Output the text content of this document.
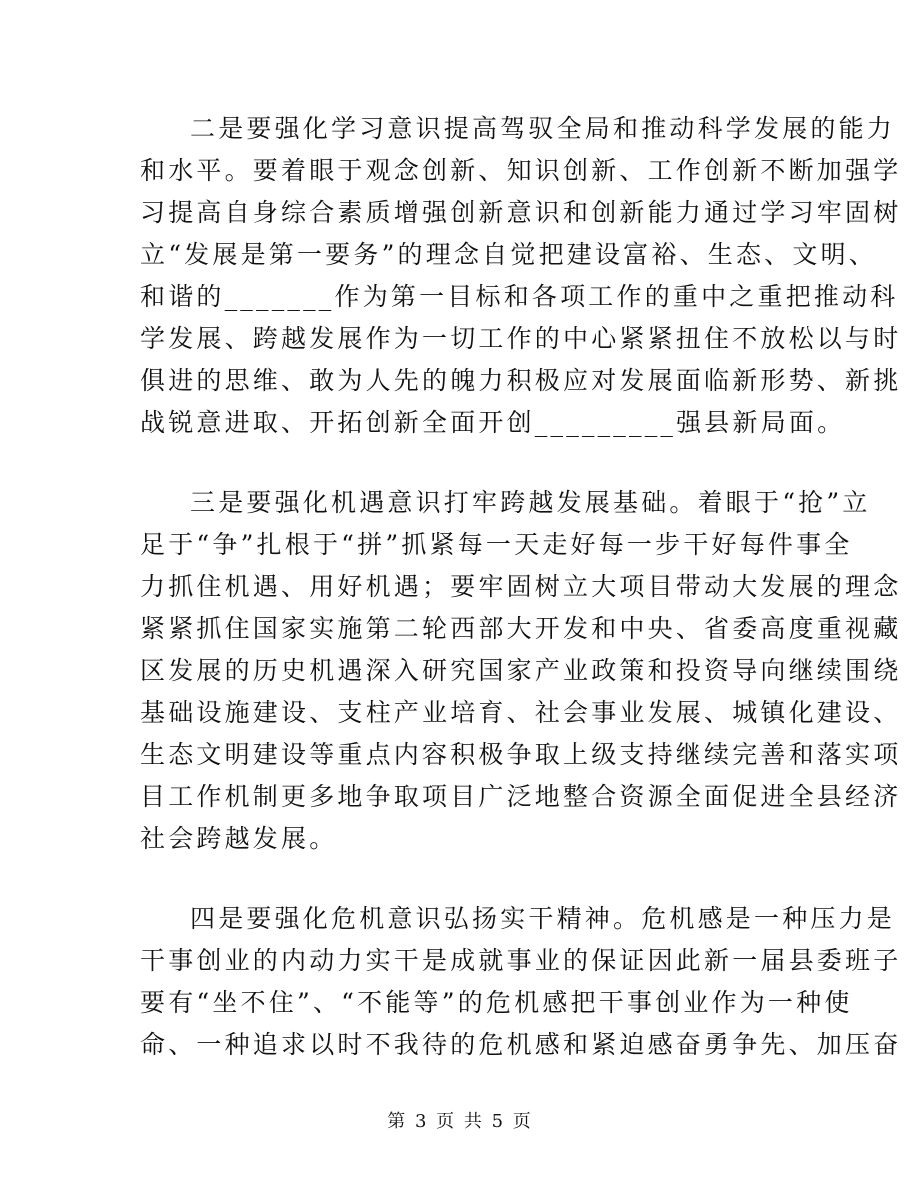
二是要强化学习意识提高驾驭全局和推动科学发展的能力
和水平。要着眼于观念创新、知识创新、工作创新不断加强学
习提高自身综合素质增强创新意识和创新能力通过学习牢固树
立“发展是第一要务”的理念自觉把建设富裕、生态、文明、
和谐的_______作为第一目标和各项工作的重中之重把推动科
学发展、跨越发展作为一切工作的中心紧紧扭住不放松以与时
俱进的思维、敢为人先的魄力积极应对发展面临新形势、新挑
战锐意进取、开拓创新全面开创_________强县新局面。
三是要强化机遇意识打牢跨越发展基础。着眼于“抢”立
足于“争”扎根于“拼”抓紧每一天走好每一步干好每件事全
力抓住机遇、用好机遇；要牢固树立大项目带动大发展的理念
紧紧抓住国家实施第二轮西部大开发和中央、省委高度重视藏
区发展的历史机遇深入研究国家产业政策和投资导向继续围绕
基础设施建设、支柱产业培育、社会事业发展、城镇化建设、
生态文明建设等重点内容积极争取上级支持继续完善和落实项
目工作机制更多地争取项目广泛地整合资源全面促进全县经济
社会跨越发展。
四是要强化危机意识弘扬实干精神。危机感是一种压力是
干事创业的内动力实干是成就事业的保证因此新一届县委班子
要有“坐不住”、“不能等”的危机感把干事创业作为一种使
命、一种追求以时不我待的危机感和紧迫感奋勇争先、加压奋
第 3 页 共 5 页
